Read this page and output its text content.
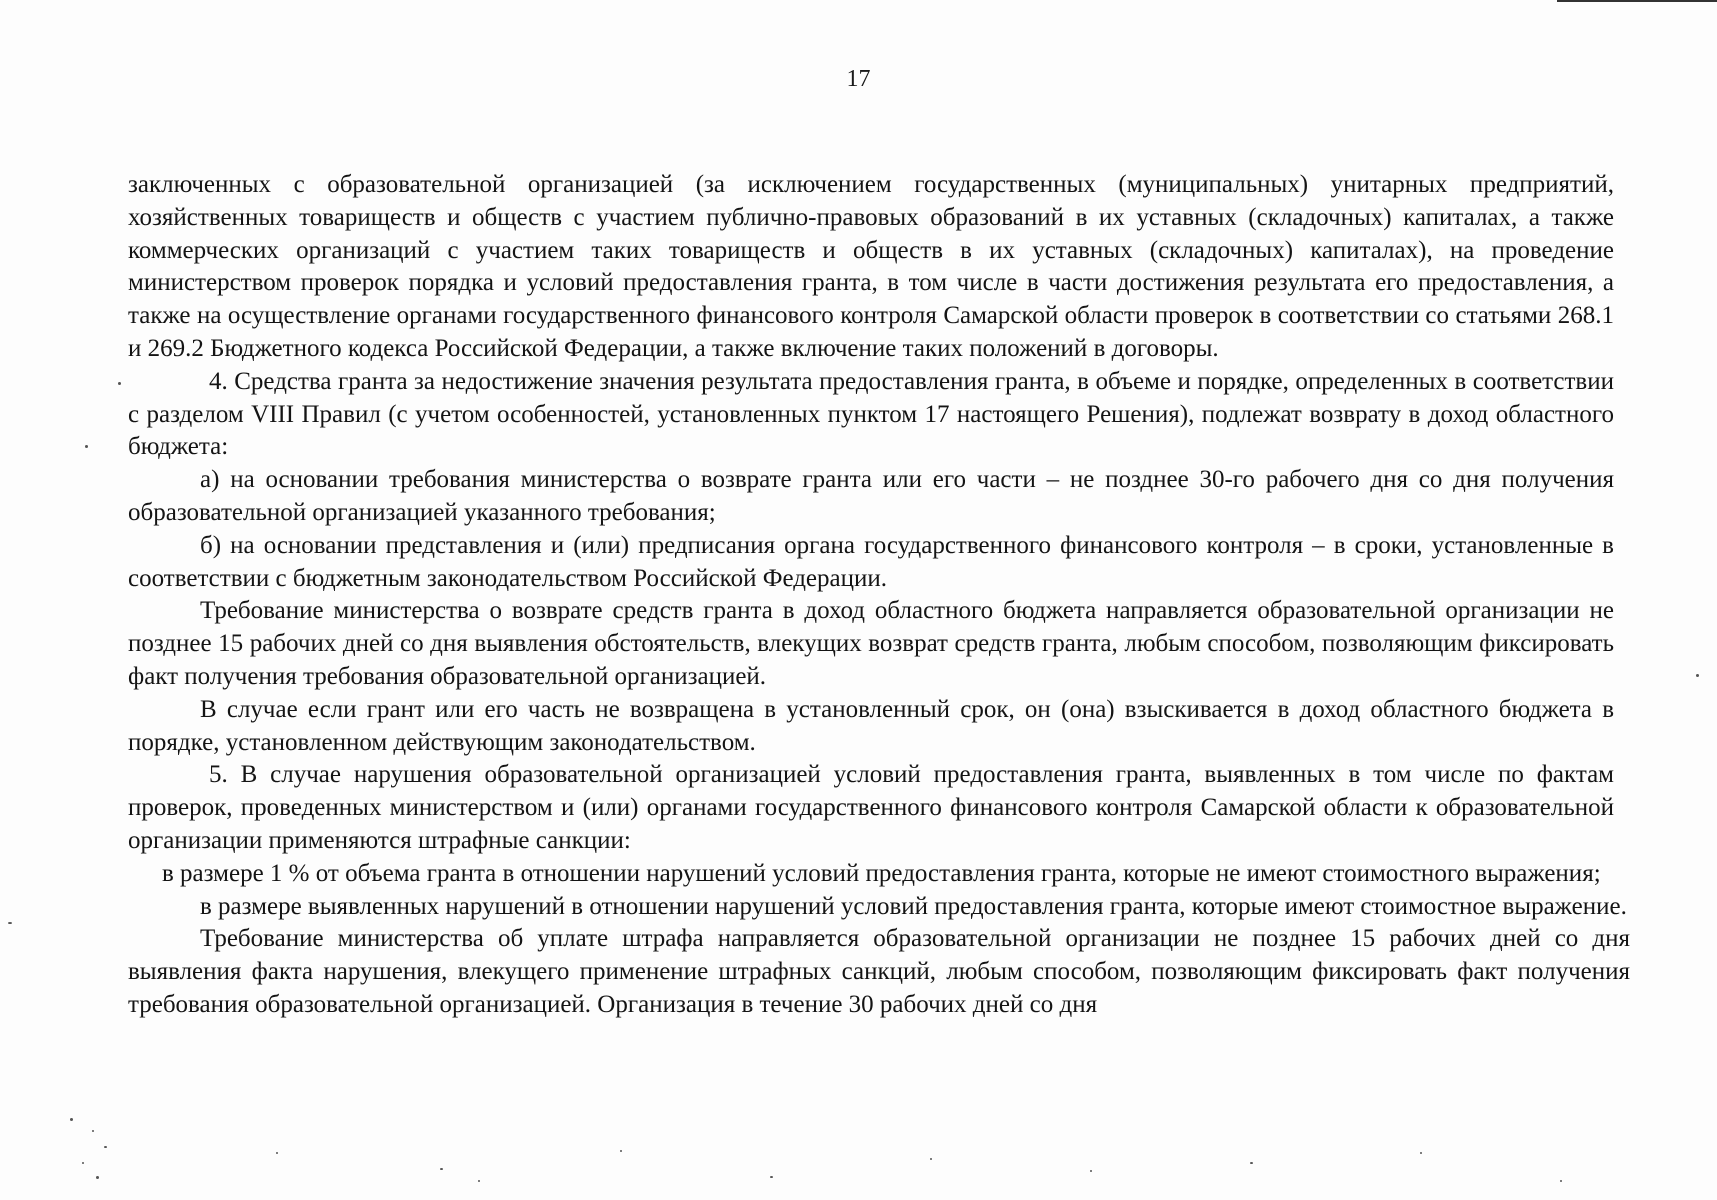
17

заключенных с образовательной организацией (за исключением государственных (муниципальных) унитарных предприятий, хозяйственных товариществ и обществ с участием публично-правовых образований в их уставных (складочных) капиталах, а также коммерческих организаций с участием таких товариществ и обществ в их уставных (складочных) капиталах), на проведение министерством проверок порядка и условий предоставления гранта, в том числе в части достижения результата его предоставления, а также на осуществление органами государственного финансового контроля Самарской области проверок в соответствии со статьями 268.1 и 269.2 Бюджетного кодекса Российской Федерации, а также включение таких положений в договоры.

4. Средства гранта за недостижение значения результата предоставления гранта, в объеме и порядке, определенных в соответствии с разделом VIII Правил (с учетом особенностей, установленных пунктом 17 настоящего Решения), подлежат возврату в доход областного бюджета:

а) на основании требования министерства о возврате гранта или его части – не позднее 30-го рабочего дня со дня получения образовательной организацией указанного требования;

б) на основании представления и (или) предписания органа государственного финансового контроля – в сроки, установленные в соответствии с бюджетным законодательством Российской Федерации.

Требование министерства о возврате средств гранта в доход областного бюджета направляется образовательной организации не позднее 15 рабочих дней со дня выявления обстоятельств, влекущих возврат средств гранта, любым способом, позволяющим фиксировать факт получения требования образовательной организацией.

В случае если грант или его часть не возвращена в установленный срок, он (она) взыскивается в доход областного бюджета в порядке, установленном действующим законодательством.

5. В случае нарушения образовательной организацией условий предоставления гранта, выявленных в том числе по фактам проверок, проведенных министерством и (или) органами государственного финансового контроля Самарской области к образовательной организации применяются штрафные санкции:

в размере 1 % от объема гранта в отношении нарушений условий предоставления гранта, которые не имеют стоимостного выражения;

в размере выявленных нарушений в отношении нарушений условий предоставления гранта, которые имеют стоимостное выражение.

Требование министерства об уплате штрафа направляется образовательной организации не позднее 15 рабочих дней со дня выявления факта нарушения, влекущего применение штрафных санкций, любым способом, позволяющим фиксировать факт получения требования образовательной организацией. Организация в течение 30 рабочих дней со дня
